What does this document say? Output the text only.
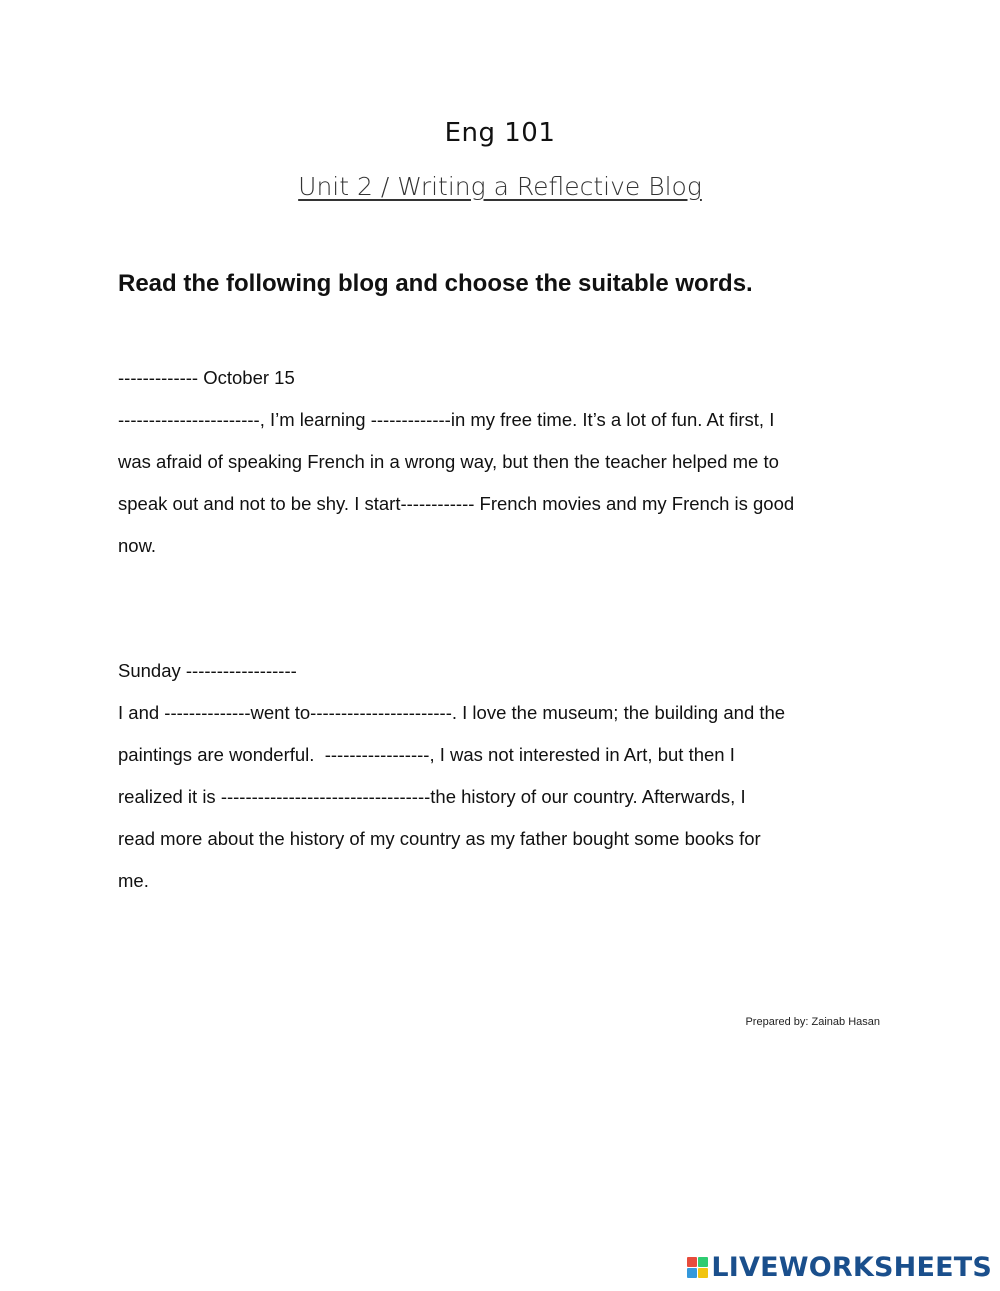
Eng 101
Unit 2 / Writing a Reflective Blog
Read the following blog and choose the suitable words.
------------- October 15
-----------------------, I’m learning -------------in my free time. It’s a lot of fun. At first, I
was afraid of speaking French in a wrong way, but then the teacher helped me to
speak out and not to be shy. I start------------ French movies and my French is good
now.
Sunday ------------------
I and --------------went to-----------------------. I love the museum; the building and the
paintings are wonderful.  -----------------, I was not interested in Art, but then I
realized it is ----------------------------------the history of our country. Afterwards, I
read more about the history of my country as my father bought some books for
me.
Prepared by: Zainab Hasan
LIVEWORKSHEETS
